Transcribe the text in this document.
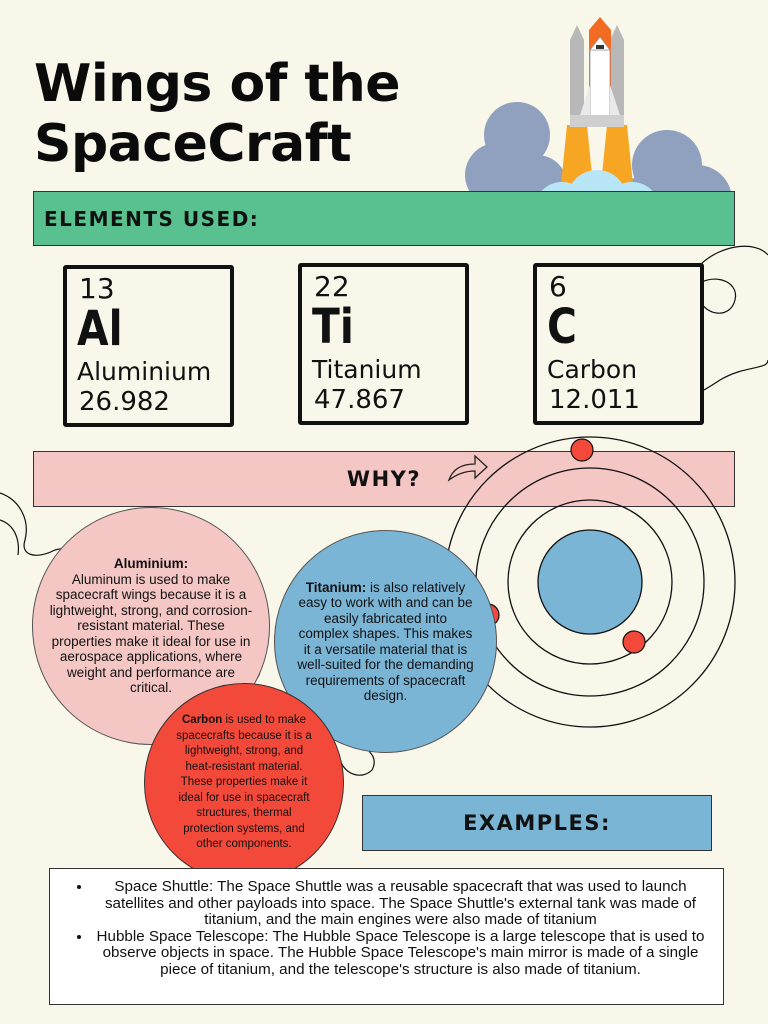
Wings of the SpaceCraft
ELEMENTS USED:
13
Al
Aluminium
26.982
22
Ti
Titanium
47.867
6
C
Carbon
12.011
WHY?
Aluminium:
Aluminum is used to make spacecraft wings because it is a lightweight, strong, and corrosion-resistant material. These properties make it ideal for use in aerospace applications, where weight and performance are critical.
Titanium: is also relatively easy to work with and can be easily fabricated into complex shapes. This makes it a versatile material that is well-suited for the demanding requirements of spacecraft design.
Carbon is used to make spacecrafts because it is a lightweight, strong, and heat-resistant material. These properties make it ideal for use in spacecraft structures, thermal protection systems, and other components.
EXAMPLES:
• Space Shuttle: The Space Shuttle was a reusable spacecraft that was used to launch satellites and other payloads into space. The Space Shuttle's external tank was made of titanium, and the main engines were also made of titanium
• Hubble Space Telescope: The Hubble Space Telescope is a large telescope that is used to observe objects in space. The Hubble Space Telescope's main mirror is made of a single piece of titanium, and the telescope's structure is also made of titanium.
